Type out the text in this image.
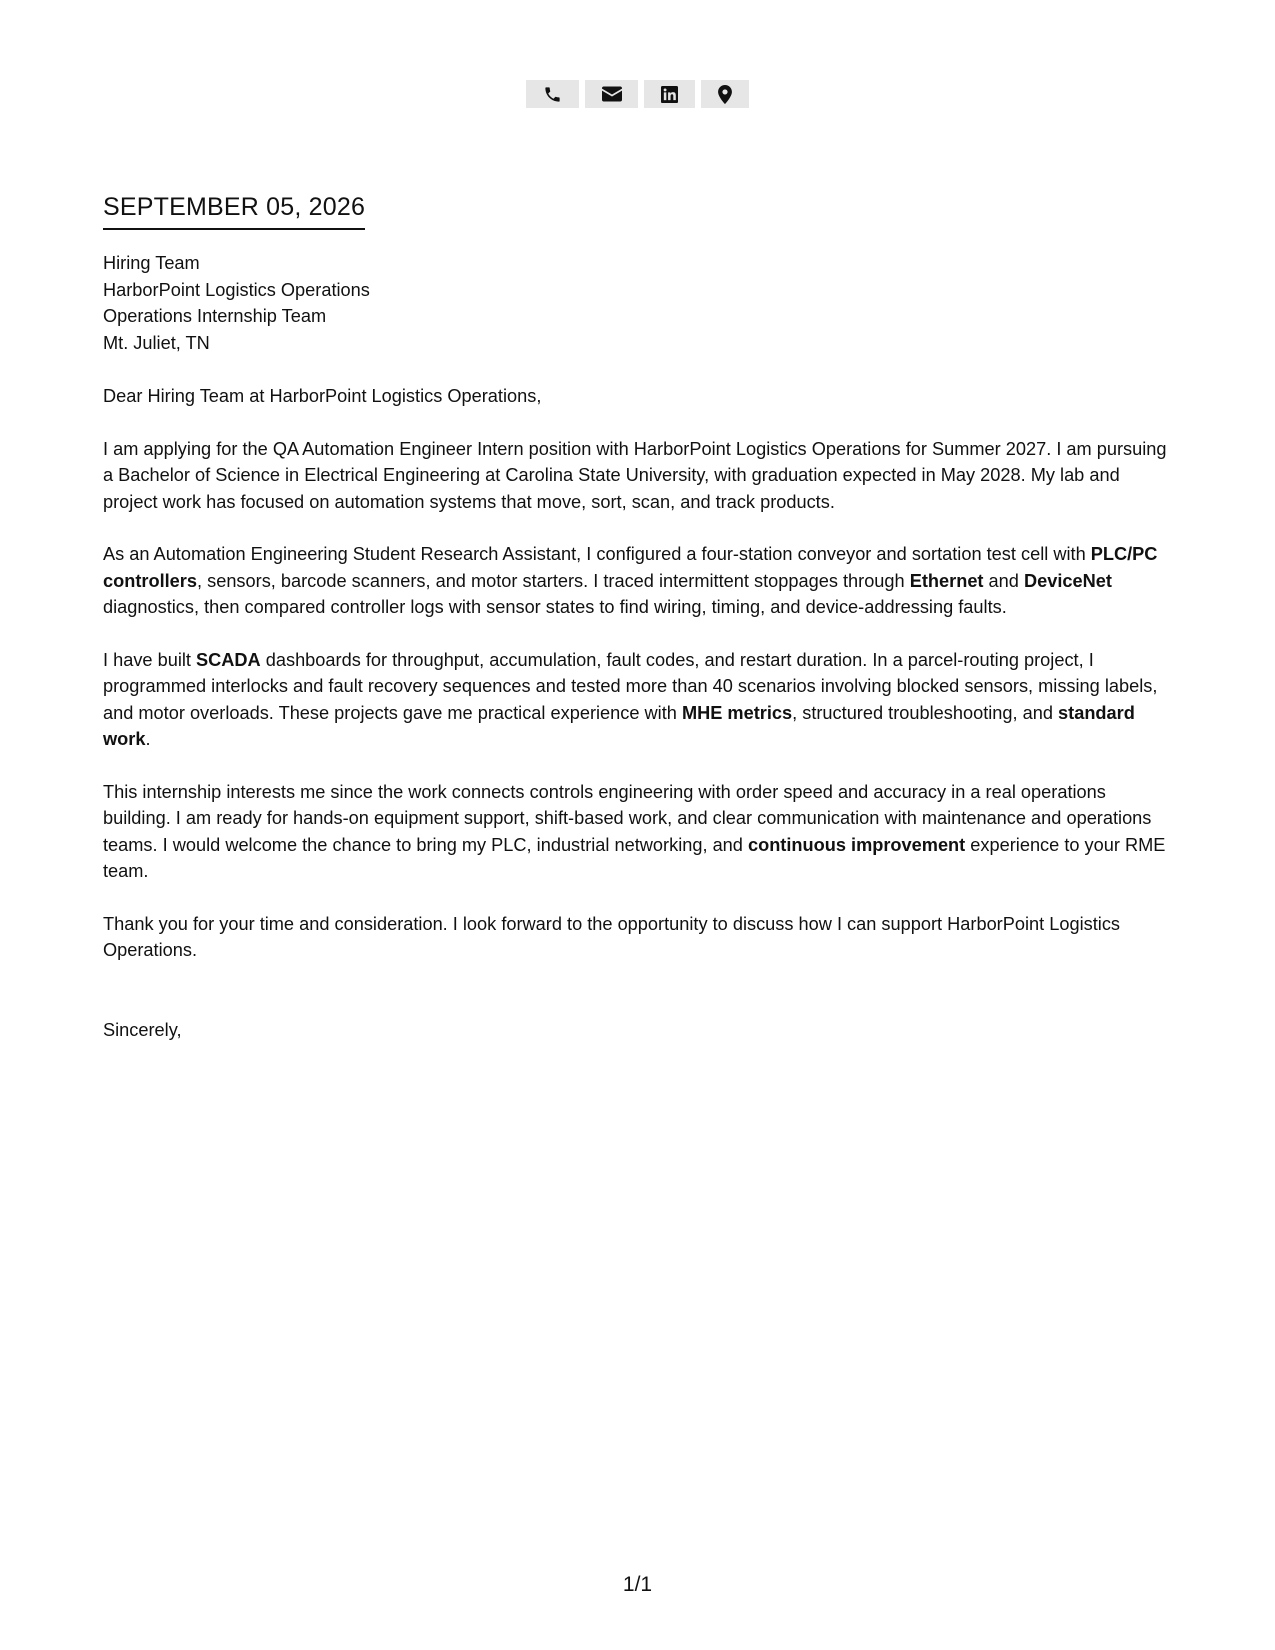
SEPTEMBER 05, 2026
Hiring Team
HarborPoint Logistics Operations
Operations Internship Team
Mt. Juliet, TN
Dear Hiring Team at HarborPoint Logistics Operations,

I am applying for the QA Automation Engineer Intern position with HarborPoint Logistics Operations for Summer 2027. I am pursuing a Bachelor of Science in Electrical Engineering at Carolina State University, with graduation expected in May 2028. My lab and project work has focused on automation systems that move, sort, scan, and track products.

As an Automation Engineering Student Research Assistant, I configured a four-station conveyor and sortation test cell with PLC/PC controllers, sensors, barcode scanners, and motor starters. I traced intermittent stoppages through Ethernet and DeviceNet diagnostics, then compared controller logs with sensor states to find wiring, timing, and device-addressing faults.

I have built SCADA dashboards for throughput, accumulation, fault codes, and restart duration. In a parcel-routing project, I programmed interlocks and fault recovery sequences and tested more than 40 scenarios involving blocked sensors, missing labels, and motor overloads. These projects gave me practical experience with MHE metrics, structured troubleshooting, and standard work.

This internship interests me since the work connects controls engineering with order speed and accuracy in a real operations building. I am ready for hands-on equipment support, shift-based work, and clear communication with maintenance and operations teams. I would welcome the chance to bring my PLC, industrial networking, and continuous improvement experience to your RME team.

Thank you for your time and consideration. I look forward to the opportunity to discuss how I can support HarborPoint Logistics Operations.

Sincerely,
1/1
